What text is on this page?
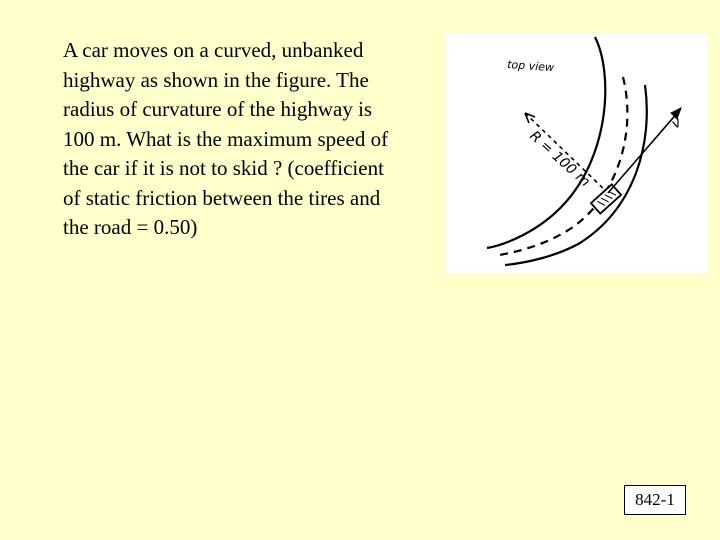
A car moves on a curved, unbanked
highway as shown in the figure. The
radius of curvature of the highway is
100 m. What is the maximum speed of
the car if it is not to skid ? (coefficient
of static friction between the tires and
the road = 0.50)
top view
R = 100 m
v
842-1
